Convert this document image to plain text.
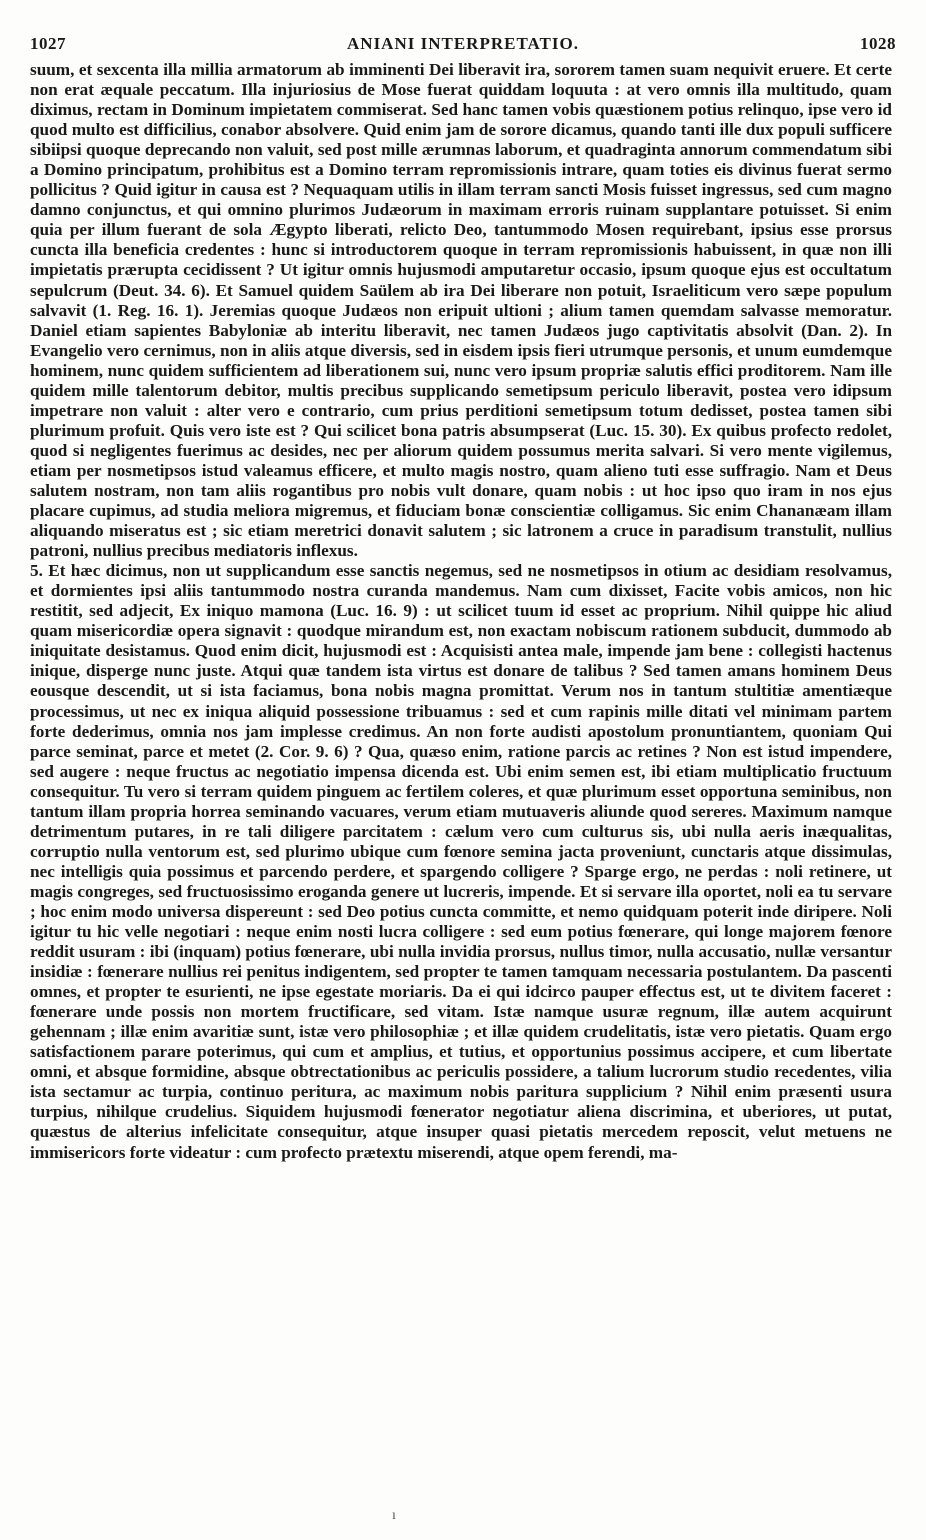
1027	ANIANI INTERPRETATIO.	1028

suum, et sexcenta illa millia armatorum ab imminenti Dei liberavit ira, sororem tamen suam nequivit eruere. Et certe non erat æquale peccatum. Illa injuriosius de Mose fuerat quiddam loquuta : at vero omnis illa multitudo, quam diximus, rectam in Dominum impietatem commiserat. Sed hanc tamen vobis quæstionem potius relinquo, ipse vero id quod multo est difficilius, conabor absolvere. Quid enim jam de sorore dicamus, quando tanti ille dux populi sufficere sibiipsi quoque deprecando non valuit, sed post mille ærumnas laborum, et quadraginta annorum commendatum sibi a Domino principatum, prohibitus est a Domino terram repromissionis intrare, quam toties eis divinus fuerat sermo pollicitus ? Quid igitur in causa est ? Nequaquam utilis in illam terram sancti Mosis fuisset ingressus, sed cum magno damno conjunctus, et qui omnino plurimos Judæorum in maximam erroris ruinam supplantare potuisset. Si enim quia per illum fuerant de sola Ægypto liberati, relicto Deo, tantummodo Mosen requirebant, ipsius esse prorsus cuncta illa beneficia credentes : hunc si introductorem quoque in terram repromissionis habuissent, in quæ non illi impietatis prærupta cecidissent ? Ut igitur omnis hujusmodi amputaretur occasio, ipsum quoque ejus est occultatum sepulcrum (Deut. 34. 6). Et Samuel quidem Saülem ab ira Dei liberare non potuit, Israeliticum vero sæpe populum salvavit (1. Reg. 16. 1). Jeremias quoque Judæos non eripuit ultioni ; alium tamen quemdam salvasse memoratur. Daniel etiam sapientes Babyloniæ ab interitu liberavit, nec tamen Judæos jugo captivitatis absolvit (Dan. 2). In Evangelio vero cernimus, non in aliis atque diversis, sed in eisdem ipsis fieri utrumque personis, et unum eumdemque hominem, nunc quidem sufficientem ad liberationem sui, nunc vero ipsum propriæ salutis effici proditorem. Nam ille quidem mille talentorum debitor, multis precibus supplicando semetipsum periculo liberavit, postea vero idipsum impetrare non valuit : alter vero e contrario, cum prius perditioni semetipsum totum dedisset, postea tamen sibi plurimum profuit. Quis vero iste est ? Qui scilicet bona patris absumpserat (Luc. 15. 30). Ex quibus profecto redolet, quod si negligentes fuerimus ac desides, nec per aliorum quidem possumus merita salvari. Si vero mente vigilemus, etiam per nosmetipsos istud valeamus efficere, et multo magis nostro, quam alieno tuti esse suffragio. Nam et Deus salutem nostram, non tam aliis rogantibus pro nobis vult donare, quam nobis : ut hoc ipso quo iram in nos ejus placare cupimus, ad studia meliora migremus, et fiduciam bonæ conscientiæ colligamus. Sic enim Chananæam illam aliquando miseratus est ; sic etiam meretrici donavit salutem ; sic latronem a cruce in paradisum transtulit, nullius patroni, nullius precibus mediatoris inflexus.

5. Et hæc dicimus, non ut supplicandum esse sanctis negemus, sed ne nosmetipsos in otium ac desidiam resolvamus, et dormientes ipsi aliis tantummodo nostra curanda mandemus. Nam cum dixisset, Facite vobis amicos, non hic restitit, sed adjecit, Ex iniquo mamona (Luc. 16. 9) : ut scilicet tuum id esset ac proprium. Nihil quippe hic aliud quam misericordiæ opera signavit : quodque mirandum est, non exactam nobiscum rationem subducit, dummodo ab iniquitate desistamus. Quod enim dicit, hujusmodi est : Acquisisti antea male, impende jam bene : collegisti hactenus inique, disperge nunc juste. Atqui quæ tandem ista virtus est donare de talibus ? Sed tamen amans hominem Deus eousque descendit, ut si ista faciamus, bona nobis magna promittat. Verum nos in tantum stultitiæ amentiæque processimus, ut nec ex iniqua aliquid possessione tribuamus : sed et cum rapinis mille ditati vel minimam partem forte dederimus, omnia nos jam implesse credimus. An non forte audisti apostolum pronuntiantem, quoniam Qui parce seminat, parce et metet (2. Cor. 9. 6) ? Qua, quæso enim, ratione parcis ac retines ? Non est istud impendere, sed augere : neque fructus ac negotiatio impensa dicenda est. Ubi enim semen est, ibi etiam multiplicatio fructuum consequitur. Tu vero si terram quidem pinguem ac fertilem coleres, et quæ plurimum esset opportuna seminibus, non tantum illam propria horrea seminando vacuares, verum etiam mutuaveris aliunde quod sereres. Maximum namque detrimentum putares, in re tali diligere parcitatem : cælum vero cum culturus sis, ubi nulla aeris inæqualitas, corruptio nulla ventorum est, sed plurimo ubique cum fœnore semina jacta proveniunt, cunctaris atque dissimulas, nec intelligis quia possimus et parcendo perdere, et spargendo colligere ? Sparge ergo, ne perdas : noli retinere, ut magis congreges, sed fructuosissimo eroganda genere ut lucreris, impende. Et si servare illa oportet, noli ea tu servare ; hoc enim modo universa dispereunt : sed Deo potius cuncta committe, et nemo quidquam poterit inde diripere. Noli igitur tu hic velle negotiari : neque enim nosti lucra colligere : sed eum potius fœnerare, qui longe majorem fœnore reddit usuram : ibi (inquam) potius fœnerare, ubi nulla invidia prorsus, nullus timor, nulla accusatio, nullæ versantur insidiæ : fœnerare nullius rei penitus indigentem, sed propter te tamen tamquam necessaria postulantem. Da pascenti omnes, et propter te esurienti, ne ipse egestate moriaris. Da ei qui idcirco pauper effectus est, ut te divitem faceret : fœnerare unde possis non mortem fructificare, sed vitam. Istæ namque usuræ regnum, illæ autem acquirunt gehennam ; illæ enim avaritiæ sunt, istæ vero philosophiæ ; et illæ quidem crudelitatis, istæ vero pietatis. Quam ergo satisfactionem parare poterimus, qui cum et amplius, et tutius, et opportunius possimus accipere, et cum libertate omni, et absque formidine, absque obtrectationibus ac periculis possidere, a talium lucrorum studio recedentes, vilia ista sectamur ac turpia, continuo peritura, ac maximum nobis paritura supplicium ? Nihil enim præsenti usura turpius, nihilque crudelius. Siquidem hujusmodi fœnerator negotiatur aliena discrimina, et uberiores, ut putat, quæstus de alterius infelicitate consequitur, atque insuper quasi pietatis mercedem reposcit, velut metuens ne immisericors forte videatur : cum profecto prætextu miserendi, atque opem ferendi, ma-

ı
